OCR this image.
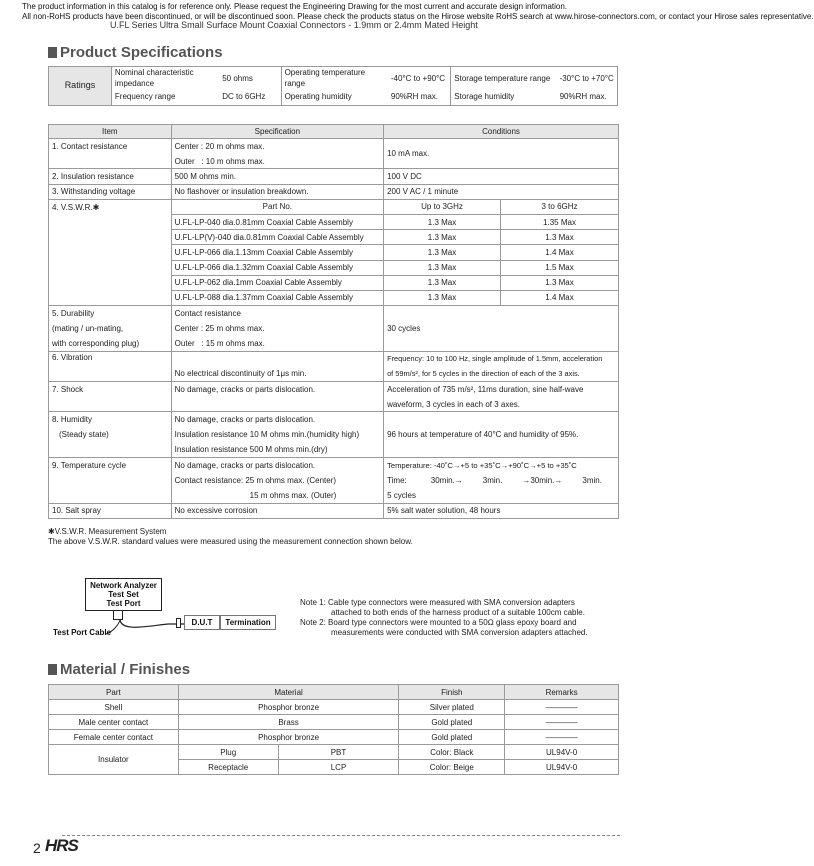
U.FL Series Ultra Small Surface Mount Coaxial Connectors - 1.9mm or 2.4mm Mated Height
The product information in this catalog is for reference only. Please request the Engineering Drawing for the most current and accurate design information.
All non-RoHS products have been discontinued, or will be discontinued soon. Please check the products status on the Hirose website RoHS search at www.hirose-connectors.com, or contact your Hirose sales representative.
Product Specifications
Ratings	Nominal characteristic impedance	50 ohms	Operating temperature range	-40°C to +90°C	Storage temperature range	-30°C to +70°C
	Frequency range	DC to 6GHz	Operating humidity	90%RH max.	Storage humidity	90%RH max.
Item	Specification	Conditions	
1. Contact resistance	Center : 20 m ohms max.	10 mA max.	
	Outer   : 10 m ohms max.		
2. Insulation resistance	500 M ohms min.	100 V DC	
3. Withstanding voltage	No flashover or insulation breakdown.	200 V AC / 1 minute	
4. V.S.W.R.✱	Part No.	Up to 3GHz	3 to 6GHz
	U.FL-LP-040 dia.0.81mm Coaxial Cable Assembly	1.3 Max	1.35 Max
	U.FL-LP(V)-040 dia.0.81mm Coaxial Cable Assembly	1.3 Max	1.3 Max
	U.FL-LP-066 dia.1.13mm Coaxial Cable Assembly	1.3 Max	1.4 Max
	U.FL-LP-066 dia.1.32mm Coaxial Cable Assembly	1.3 Max	1.5 Max
	U.FL-LP-062 dia.1mm Coaxial Cable Assembly	1.3 Max	1.3 Max
	U.FL-LP-088 dia.1.37mm Coaxial Cable Assembly	1.3 Max	1.4 Max
5. Durability	Contact resistance	30 cycles	
(mating / un-mating,	Center : 25 m ohms max.		
with corresponding plug)	Outer   : 15 m ohms max.		
6. Vibration		Frequency: 10 to 100 Hz, single amplitude of 1.5mm, acceleration	
	No electrical discontinuity of 1μs min.	of 59m/s², for 5 cycles in the direction of each of the 3 axis.	
7. Shock	No damage, cracks or parts dislocation.	Acceleration of 735 m/s², 11ms duration, sine half-wave	
		waveform, 3 cycles in each of 3 axes.	
8. Humidity	No damage, cracks or parts dislocation.	96 hours at temperature of 40°C and humidity of 95%.	
(Steady state)	Insulation resistance 10 M ohms min.(humidity high)		
	Insulation resistance 500 M ohms min.(dry)		
9. Temperature cycle	No damage, cracks or parts dislocation.	Temperature: -40˚C→+5 to +35˚C→+90˚C→+5 to +35˚C	
	Contact resistance: 25 m ohms max. (Center)	Time: 30min.→         3min.         →30min.→         3min.	
	15 m ohms max. (Outer)	5 cycles	
10. Salt spray	No excessive corrosion	5% salt water solution, 48 hours	
✱V.S.W.R. Measurement System
The above V.S.W.R. standard values were measured using the measurement connection shown below.
Network Analyzer
Test Set
Test Port
D.U.T	Termination
Test Port Cable
Note 1: Cable type connectors were measured with SMA conversion adapters
attached to both ends of the harness product of a suitable 100cm cable.
Note 2: Board type connectors were mounted to a 50Ω glass epoxy board and
measurements were conducted with SMA conversion adapters attached.
Material / Finishes
Part	Material		Finish	Remarks
Shell	Phosphor bronze		Silver plated	————
Male center contact	Brass		Gold plated	————
Female center contact	Phosphor bronze		Gold plated	————
Insulator	Plug	PBT	Color: Black	UL94V-0
	Receptacle	LCP	Color: Beige	UL94V-0
2 HRS
